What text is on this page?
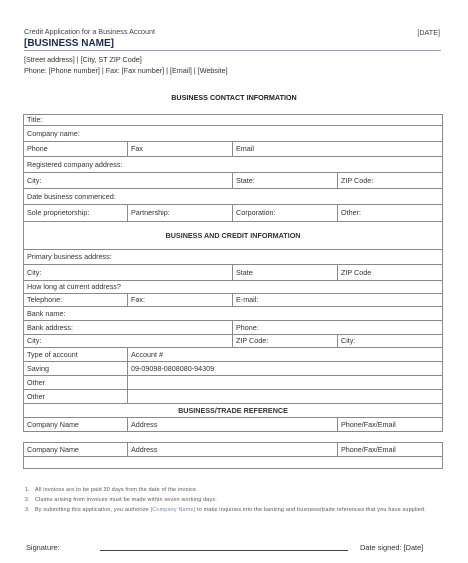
Credit Application for a Business Account	[DATE]
[BUSINESS NAME]
[Street address] | [City, ST ZIP Code]
Phone: [Phone number] | Fax: [Fax number] | [Email] | [Website]
BUSINESS CONTACT INFORMATION
Title:			
Company name:			
Phone	Fax	Email	
Registered company address:			
City:		State:	ZIP Code:
Date business commenced:			
Sole proprietorship:	Partnership:	Corporation:	Other:
BUSINESS AND CREDIT INFORMATION			
Primary business address:			
City:		State	ZIP Code
How long at current address?			
Telephone:	Fax:	E-mail:	
Bank name:			
Bank address:		Phone:	
City:		ZIP Code:	City:
Type of account	Account #		
Saving	09-09098-0808080-94309		
Other			
Other			
BUSINESS/TRADE REFERENCE			
Company Name	Address		Phone/Fax/Email

Company Name	Address		Phone/Fax/Email

1.	All invoices are to be paid 30 days from the date of the invoice.
2.	Claims arising from invoices must be made within seven working days.
3.	By submitting this application, you authorize [Company Name] to make inquiries into the banking and business/trade references that you have supplied.
Signature:	Date signed: [Date]
